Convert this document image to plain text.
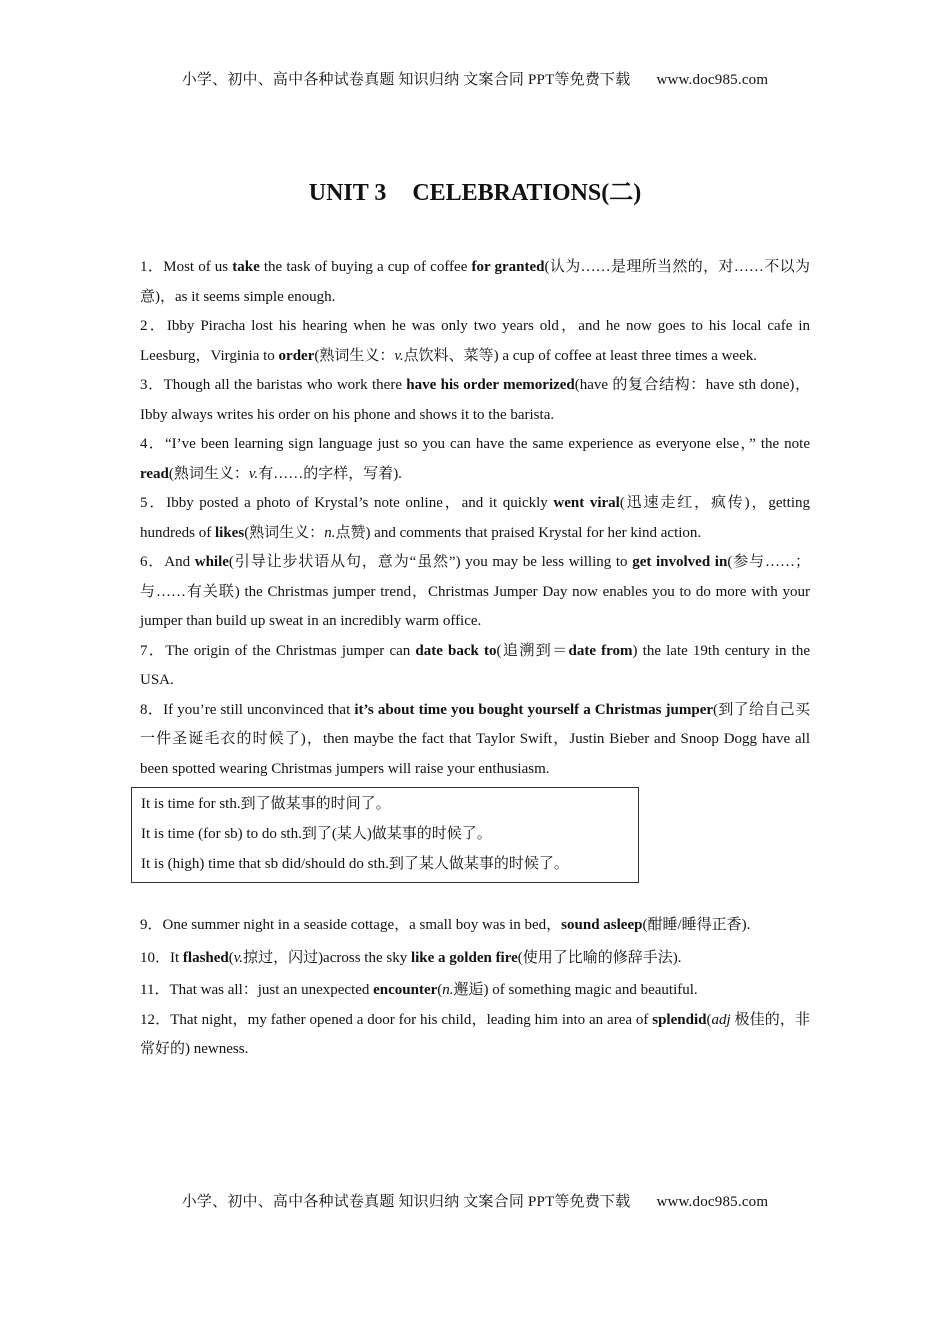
小学、初中、高中各种试卷真题 知识归纳 文案合同 PPT等免费下载 www.doc985.com
UNIT 3 CELEBRATIONS(二)

1．Most of us take the task of buying a cup of coffee for granted(认为……是理所当然的，对……不以为意)，as it seems simple enough.

2．Ibby Piracha lost his hearing when he was only two years old，and he now goes to his local cafe in Leesburg，Virginia to order(熟词生义：v.点饮料、菜等) a cup of coffee at least three times a week.

3．Though all the baristas who work there have his order memorized(have 的复合结构：have sth done)，Ibby always writes his order on his phone and shows it to the barista.

4．“I’ve been learning sign language just so you can have the same experience as everyone else，” the note read(熟词生义：v.有……的字样，写着).

5．Ibby posted a photo of Krystal’s note online，and it quickly went viral(迅速走红，疯传)，getting hundreds of likes(熟词生义：n.点赞) and comments that praised Krystal for her kind action.

6．And while(引导让步状语从句，意为“虽然”) you may be less willing to get involved in(参与……；与……有关联) the Christmas jumper trend，Christmas Jumper Day now enables you to do more with your jumper than build up sweat in an incredibly warm office.

7．The origin of the Christmas jumper can date back to(追溯到＝date from) the late 19th century in the USA.

8．If you’re still unconvinced that it’s about time you bought yourself a Christmas jumper(到了给自己买一件圣诞毛衣的时候了)，then maybe the fact that Taylor Swift，Justin Bieber and Snoop Dogg have all been spotted wearing Christmas jumpers will raise your enthusiasm.

It is time for sth.到了做某事的时间了。

It is time (for sb) to do sth.到了(某人)做某事的时候了。

It is (high) time that sb did/should do sth.到了某人做某事的时候了。

9．One summer night in a seaside cottage，a small boy was in bed，sound asleep(酣睡/睡得正香).

10．It flashed(v.掠过，闪过)across the sky like a golden fire(使用了比喻的修辞手法).

11．That was all：just an unexpected encounter(n.邂逅) of something magic and beautiful.

12．That night，my father opened a door for his child，leading him into an area of splendid(adj 极佳的，非常好的) newness.

小学、初中、高中各种试卷真题 知识归纳 文案合同 PPT等免费下载 www.doc985.com
